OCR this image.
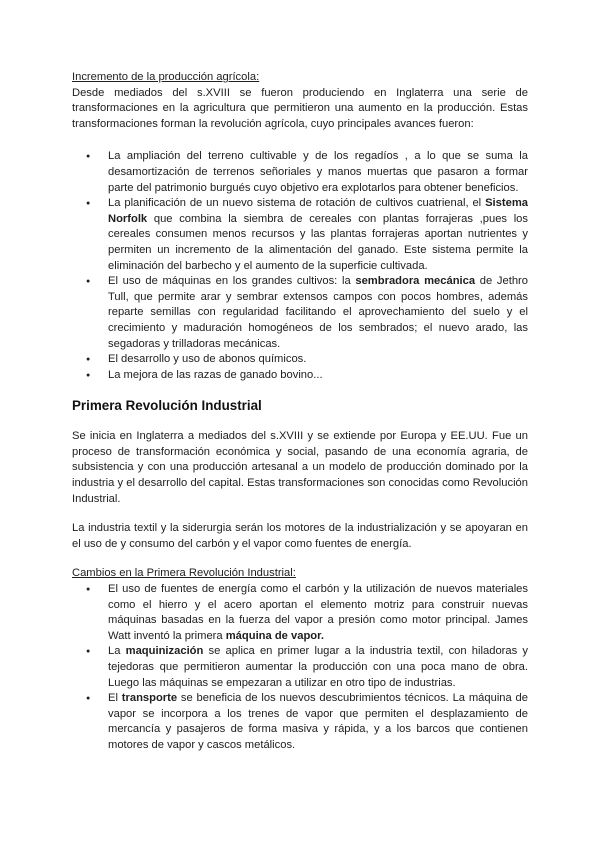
Incremento de la producción agrícola:

Desde mediados del s.XVIII se fueron produciendo en Inglaterra una serie de transformaciones en la agricultura que permitieron una aumento en la producción. Estas transformaciones forman la revolución agrícola, cuyo principales avances fueron:

● La ampliación del terreno cultivable y de los regadíos , a lo que se suma la desamortización de terrenos señoriales y manos muertas que pasaron a formar parte del patrimonio burgués cuyo objetivo era explotarlos para obtener beneficios.
● La planificación de un nuevo sistema de rotación de cultivos cuatrienal, el Sistema Norfolk que combina la siembra de cereales con plantas forrajeras ,pues los cereales consumen menos recursos y las plantas forrajeras aportan nutrientes y permiten un incremento de la alimentación del ganado. Este sistema permite la eliminación del barbecho y el aumento de la superficie cultivada.
● El uso de máquinas en los grandes cultivos: la sembradora mecánica de Jethro Tull, que permite arar y sembrar extensos campos con pocos hombres, además reparte semillas con regularidad facilitando el aprovechamiento del suelo y el crecimiento y maduración homogéneos de los sembrados; el nuevo arado, las segadoras y trilladoras mecánicas.
● El desarrollo y uso de abonos químicos.
● La mejora de las razas de ganado bovino...
Primera Revolución Industrial

Se inicia en Inglaterra a mediados del s.XVIII y se extiende por Europa y EE.UU. Fue un proceso de transformación económica y social, pasando de una economía agraria, de subsistencia y con una producción artesanal a un modelo de producción dominado por la industria y el desarrollo del capital. Estas transformaciones son conocidas como Revolución Industrial.

La industria textil y la siderurgia serán los motores de la industrialización y se apoyaran en el uso de y consumo del carbón y el vapor como fuentes de energía.

Cambios en la Primera Revolución Industrial:

● El uso de fuentes de energía como el carbón y la utilización de nuevos materiales como el hierro y el acero aportan el elemento motriz para construir nuevas máquinas basadas en la fuerza del vapor a presión como motor principal. James Watt inventó la primera máquina de vapor.
● La maquinización se aplica en primer lugar a la industria textil, con hiladoras y tejedoras que permitieron aumentar la producción con una poca mano de obra. Luego las máquinas se empezaran a utilizar en otro tipo de industrias.
● El transporte se beneficia de los nuevos descubrimientos técnicos. La máquina de vapor se incorpora a los trenes de vapor que permiten el desplazamiento de mercancía y pasajeros de forma masiva y rápida, y a los barcos que contienen motores de vapor y cascos metálicos.
